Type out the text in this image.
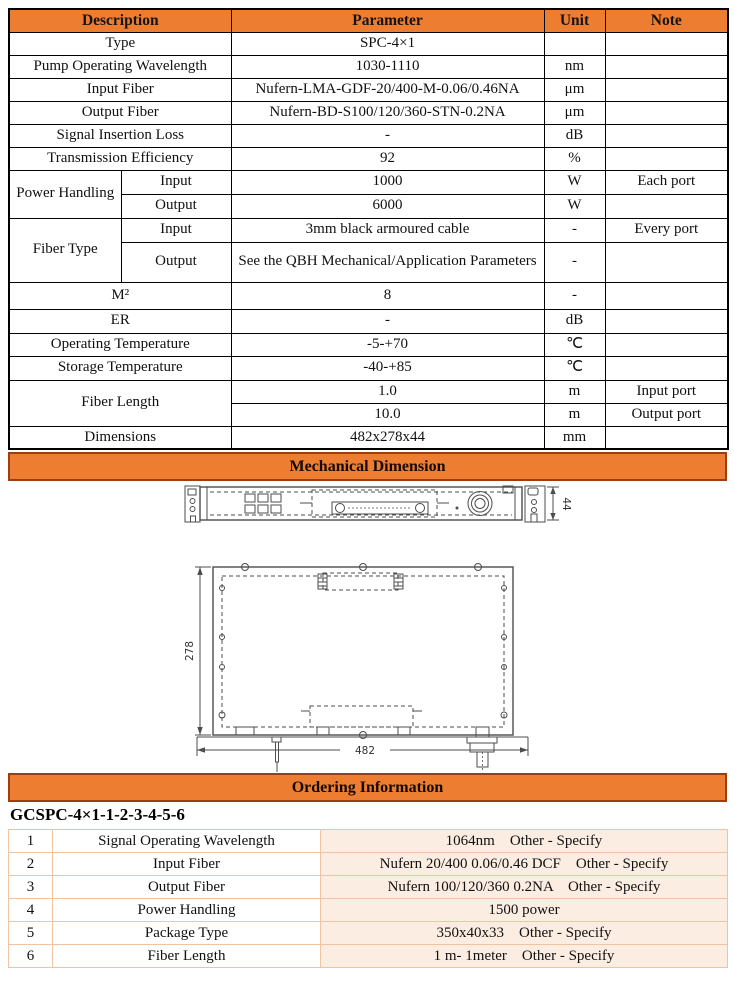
Description		Parameter	Unit	Note
Type		SPC-4×1		
Pump Operating Wavelength		1030-1110	nm	
Input Fiber		Nufern-LMA-GDF-20/400-M-0.06/0.46NA	μm	
Output Fiber		Nufern-BD-S100/120/360-STN-0.2NA	μm	
Signal Insertion Loss		-	dB	
Transmission Efficiency		92	%	
Power Handling	Input	1000	W	Each port
	Output	6000	W	
Fiber Type	Input	3mm black armoured cable	-	Every port
	Output	See the QBH Mechanical/Application Parameters	-	
M²		8	-	
ER		-	dB	
Operating Temperature		-5-+70	℃	
Storage Temperature		-40-+85	℃	
Fiber Length		1.0	m	Input port
		10.0	m	Output port
Dimensions		482x278x44	mm	
Mechanical Dimension
44
278
482
Ordering Information
GCSPC-4×1-1-2-3-4-5-6
1	Signal Operating Wavelength	1064nm    Other - Specify
2	Input Fiber	Nufern 20/400 0.06/0.46 DCF    Other - Specify
3	Output Fiber	Nufern 100/120/360 0.2NA    Other - Specify
4	Power Handling	1500 power
5	Package Type	350x40x33    Other - Specify
6	Fiber Length	1 m- 1meter    Other - Specify
